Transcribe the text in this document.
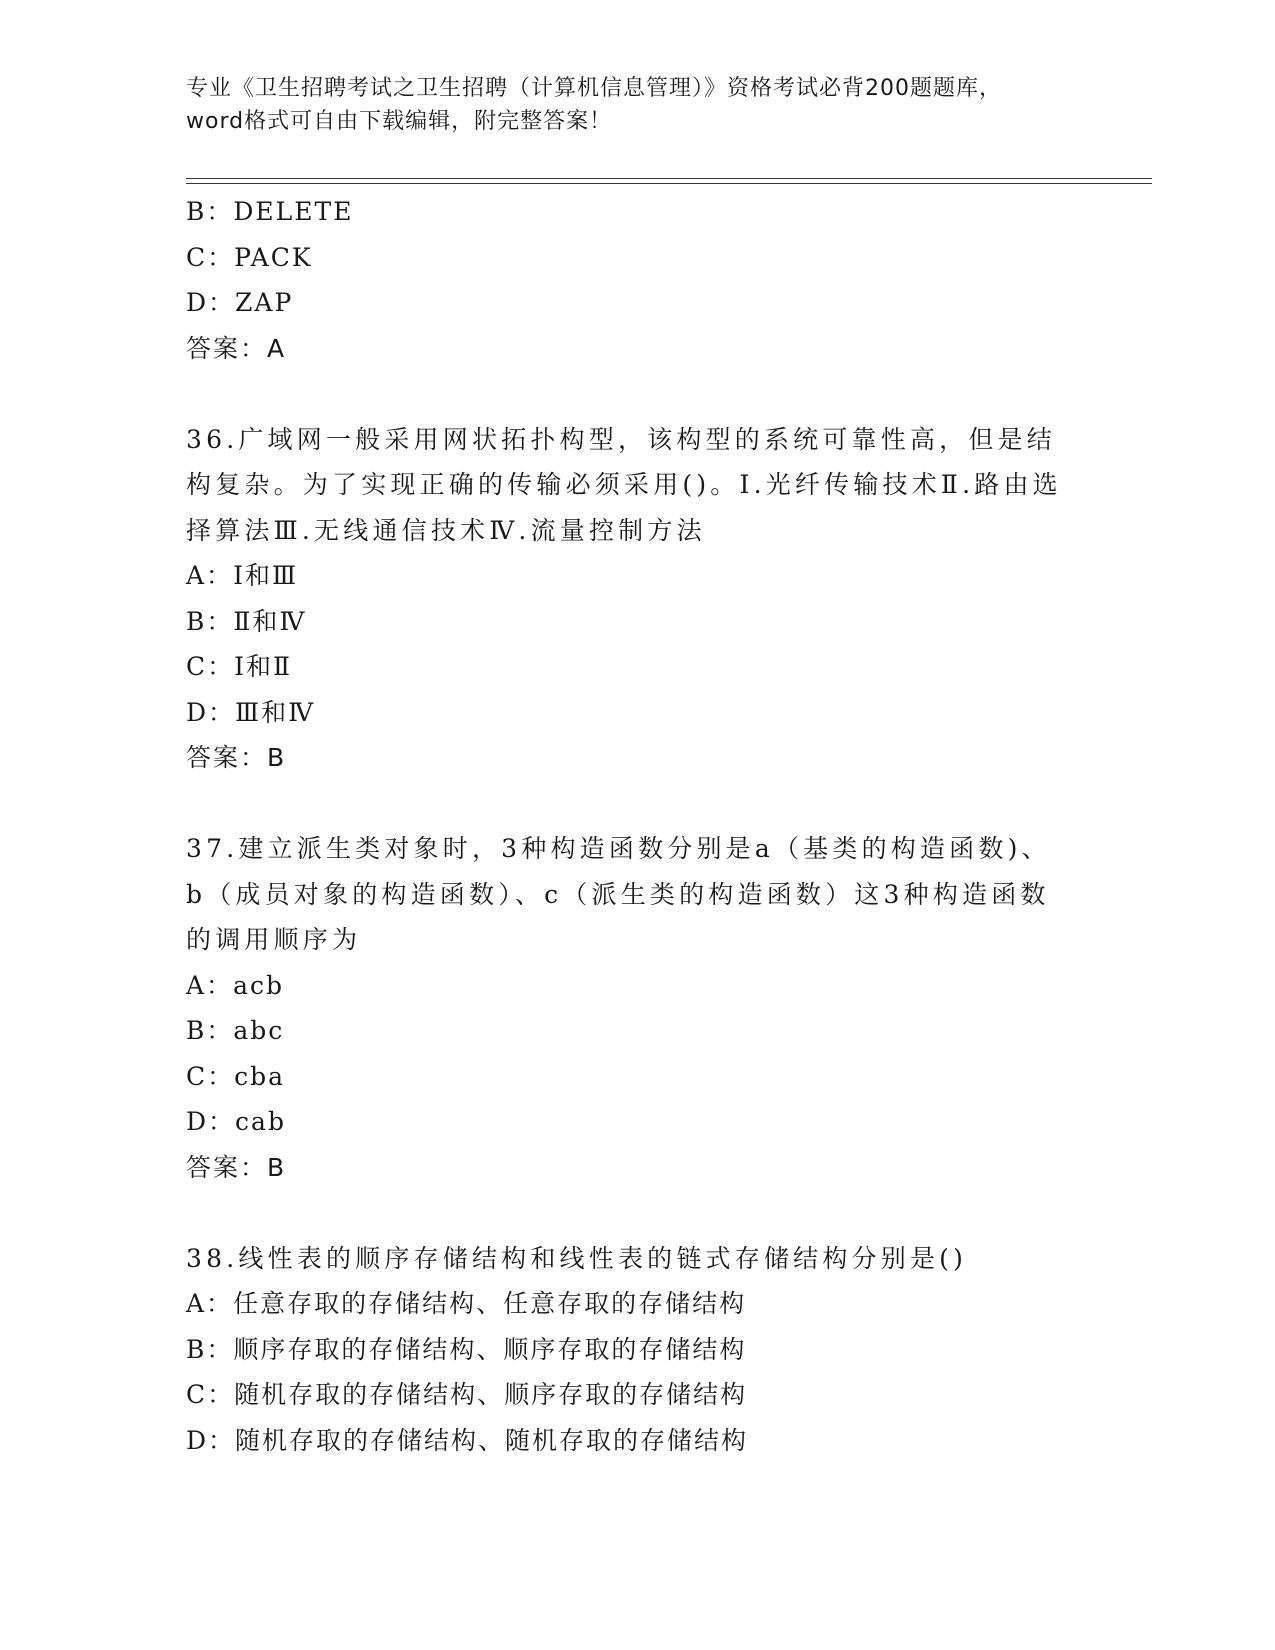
专业《卫生招聘考试之卫生招聘（计算机信息管理）》资格考试必背200题题库，
word格式可自由下载编辑，附完整答案！
B：DELETE
C：PACK
D：ZAP
答案：A
36.广域网一般采用网状拓扑构型，该构型的系统可靠性高，但是结构复杂。为了实现正确的传输必须采用()。Ⅰ.光纤传输技术Ⅱ.路由选择算法Ⅲ.无线通信技术Ⅳ.流量控制方法
A：Ⅰ和Ⅲ
B：Ⅱ和Ⅳ
C：Ⅰ和Ⅱ
D：Ⅲ和Ⅳ
答案：B
37.建立派生类对象时，3种构造函数分别是a（基类的构造函数)、b（成员对象的构造函数）、c（派生类的构造函数）这3种构造函数的调用顺序为
A：acb
B：abc
C：cba
D：cab
答案：B
38.线性表的顺序存储结构和线性表的链式存储结构分别是()
A：任意存取的存储结构、任意存取的存储结构
B：顺序存取的存储结构、顺序存取的存储结构
C：随机存取的存储结构、顺序存取的存储结构
D：随机存取的存储结构、随机存取的存储结构
